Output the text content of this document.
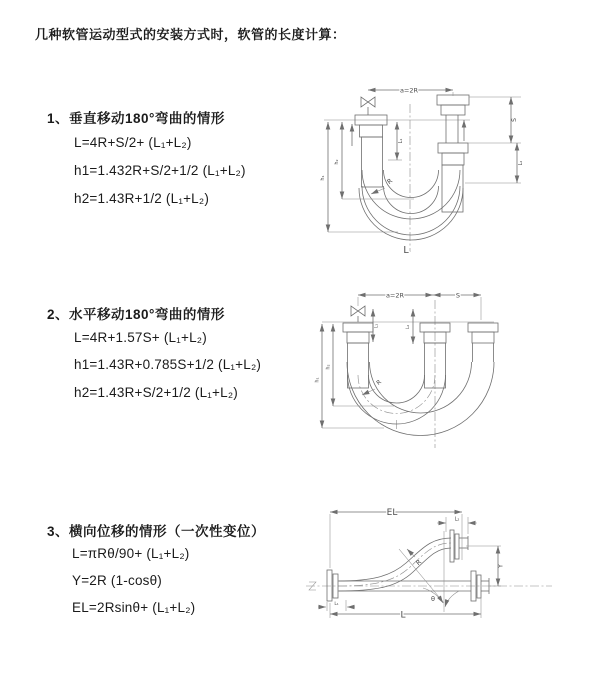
几种软管运动型式的安装方式时，软管的长度计算：
1、垂直移动180°弯曲的情形
L=4R+S/2+ (L₁+L₂)
h1=1.432R+S/2+1/2 (L₁+L₂)
h2=1.43R+1/2 (L₁+L₂)
2、水平移动180°弯曲的情形
L=4R+1.57S+ (L₁+L₂)
h1=1.43R+0.785S+1/2 (L₁+L₂)
h2=1.43R+S/2+1/2 (L₁+L₂)
3、横向位移的情形（一次性变位）
L=πRθ/90+ (L₁+L₂)
Y=2R (1-cosθ)
EL=2Rsinθ+ (L₁+L₂)
a=2R
L₁
S
L₂
h₂
h₁	R
L
a=2R	S
L₁	L₂
h₁
h₂
R
θ
R
EL
L₂
Y
L
L₁
